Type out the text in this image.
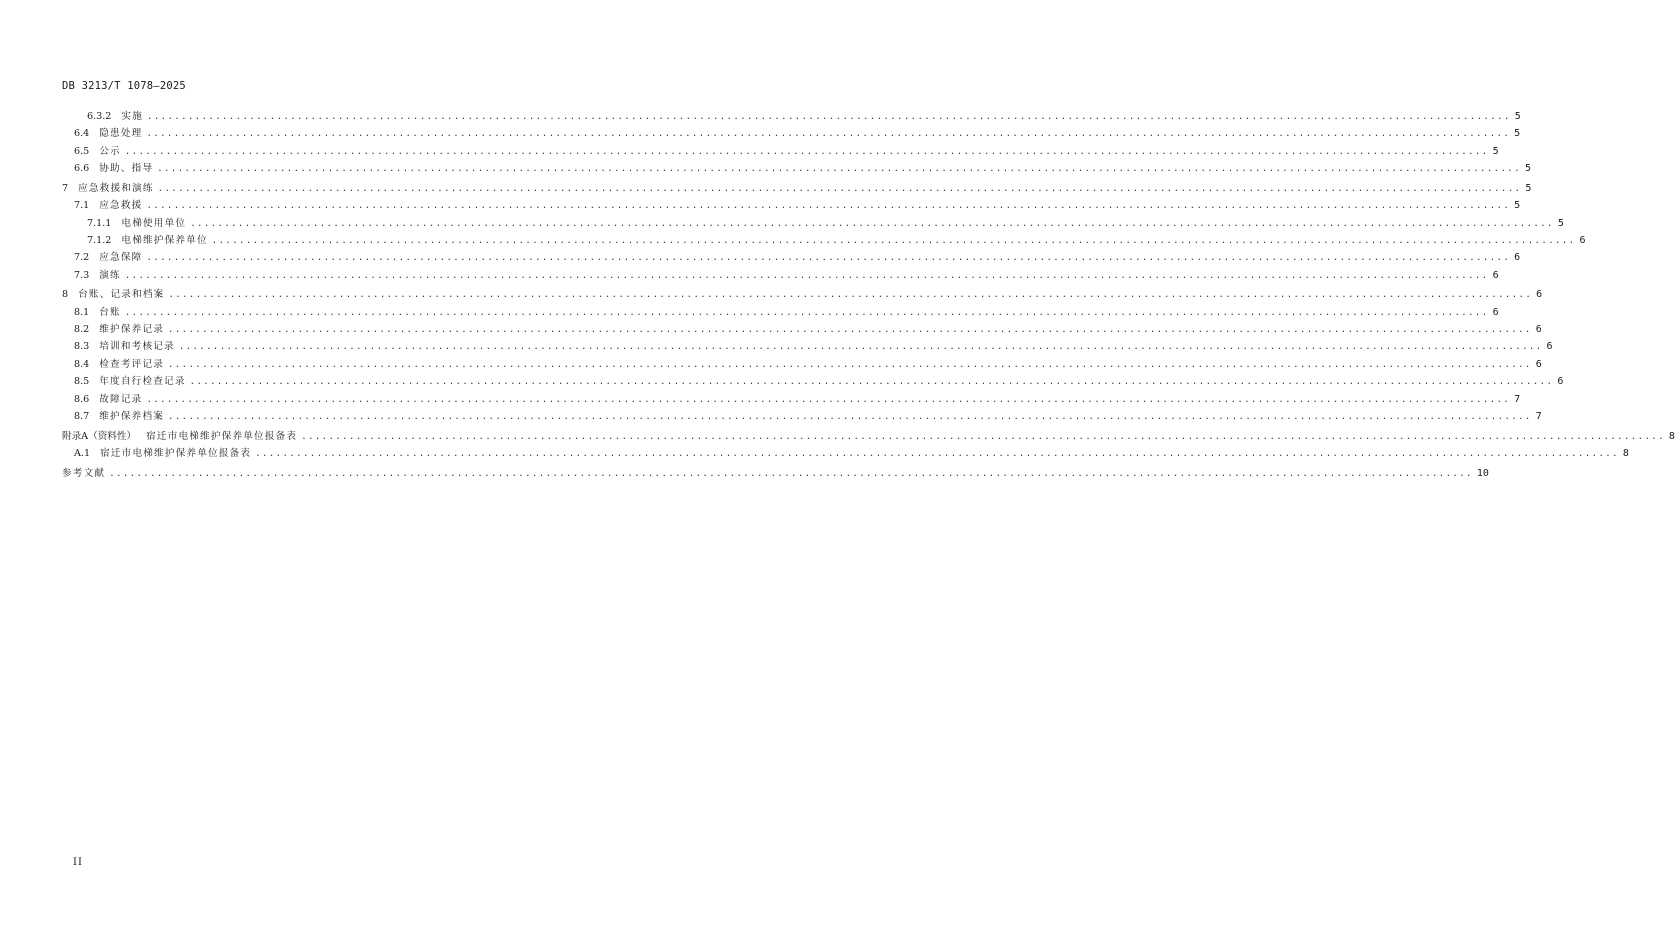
DB 3213/T 1078—2025
6.3.2 实施 ........................................................................................................................................................................................................ 5
6.4 隐患处理 ........................................................................................................................................................................................................ 5
6.5 公示 ........................................................................................................................................................................................................ 5
6.6 协助、指导 ........................................................................................................................................................................................................ 5
7 应急救援和演练 ........................................................................................................................................................................................................ 5
7.1 应急救援 ........................................................................................................................................................................................................ 5
7.1.1 电梯使用单位 ........................................................................................................................................................................................................ 5
7.1.2 电梯维护保养单位 ........................................................................................................................................................................................................ 6
7.2 应急保障 ........................................................................................................................................................................................................ 6
7.3 演练 ........................................................................................................................................................................................................ 6
8 台账、记录和档案 ........................................................................................................................................................................................................ 6
8.1 台账 ........................................................................................................................................................................................................ 6
8.2 维护保养记录 ........................................................................................................................................................................................................ 6
8.3 培训和考核记录 ........................................................................................................................................................................................................ 6
8.4 检查考评记录 ........................................................................................................................................................................................................ 6
8.5 年度自行检查记录 ........................................................................................................................................................................................................ 6
8.6 故障记录 ........................................................................................................................................................................................................ 7
8.7 维护保养档案 ........................................................................................................................................................................................................ 7
附录A（资料性） 宿迁市电梯维护保养单位报备表 ........................................................................................................................................................................................................ 8
A.1 宿迁市电梯维护保养单位报备表 ........................................................................................................................................................................................................ 8
参考文献 ........................................................................................................................................................................................................ 10
II
